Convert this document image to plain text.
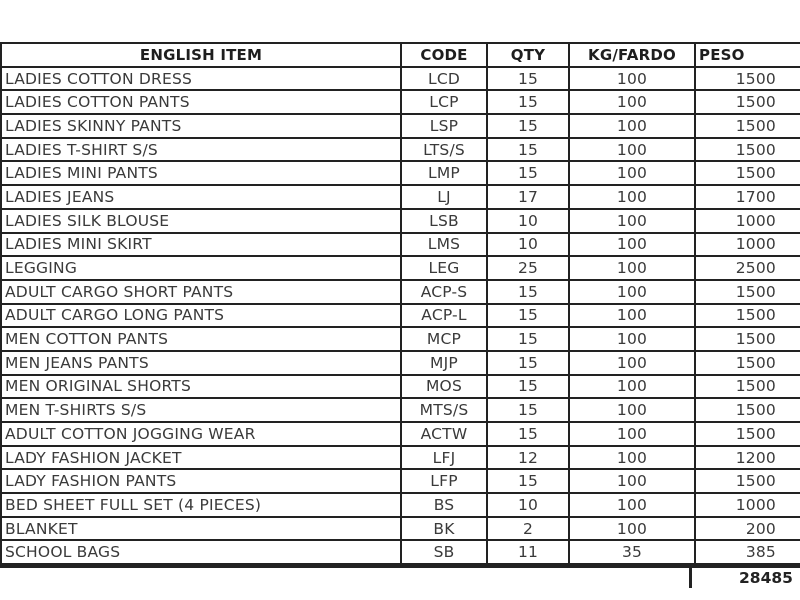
ENGLISH ITEM	CODE	QTY	KG/FARDO	PESO
LADIES COTTON DRESS	LCD	15	100	1500
LADIES COTTON PANTS	LCP	15	100	1500
LADIES SKINNY PANTS	LSP	15	100	1500
LADIES T-SHIRT S/S	LTS/S	15	100	1500
LADIES MINI PANTS	LMP	15	100	1500
LADIES JEANS	LJ	17	100	1700
LADIES SILK BLOUSE	LSB	10	100	1000
LADIES MINI SKIRT	LMS	10	100	1000
LEGGING	LEG	25	100	2500
ADULT CARGO SHORT PANTS	ACP-S	15	100	1500
ADULT CARGO LONG PANTS	ACP-L	15	100	1500
MEN COTTON PANTS	MCP	15	100	1500
MEN JEANS PANTS	MJP	15	100	1500
MEN ORIGINAL SHORTS	MOS	15	100	1500
MEN T-SHIRTS S/S	MTS/S	15	100	1500
ADULT COTTON JOGGING WEAR	ACTW	15	100	1500
LADY FASHION JACKET	LFJ	12	100	1200
LADY FASHION PANTS	LFP	15	100	1500
BED SHEET FULL SET (4 PIECES)	BS	10	100	1000
BLANKET	BK	2	100	200
SCHOOL BAGS	SB	11	35	385
28485
